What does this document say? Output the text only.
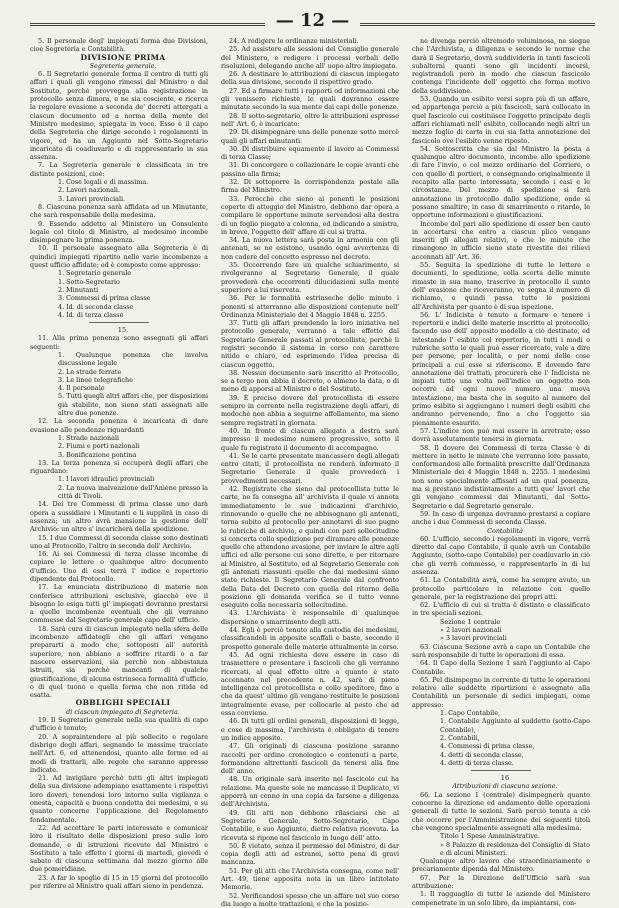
— 12 —

5. Il personale degl' impiegati forma due Divisioni, cioè Segreteria e Contabilità.

DIVISIONE PRIMA

Segreteria generale.

6. Il Segretario generale forma il centro di tutti gli affari i quali gli vengono rimessi dal Ministro o dal Sostituto, perchè provvegga alla registrazione in protocollo senza dimora, e ne sia cosciente, e ricerca la regolare evasione a seconda de' decreti attergati a ciascun documento ed a norma della mente del Ministro medesimo, spiegata in voce. Esso è il capo della Segreteria che dirige secondo i regolamenti in vigore, ed ha un Aggiunto nel Sotto-Segretario incaricato di coadiuvarlo e di rappresentarlo in sua assenza.

7. La Segreteria generale è classificata in tre distinte posizioni, cioè:

1. Cose legali e di massima.

2. Lavori nazionali.

3. Lavori provinciali.

8. Ciascuna ponenza sarà affidata ad un Minutante, che sarà responsabile della medesima.

9. Essendo addetto al Ministero un Consulente legale col titolo di Ministro, al medesimo incombe disimpegnare la prima ponenza.

10. Il personale assegnato alla Segreteria è di quindici impiegati ripartito nelle varie incombenze a quest ufficio affidate; ed è composto come appresso:

1. Segretario generale

1. Sotto-Segretario

2. Minutanti

3. Commessi di prima classe

4. Id. di seconda classe

4. Id. di terza classe

15.

11. Alla prima ponenza sono assegnati gli affari seguenti:

1. Qualunque ponenza che involva discussione legale

2. Le strade ferrate

3. Le linee telegrafiche

4. Il personale

5. Tutti quegli altri affari che, per disposizioni già stabilite, non sieno stati assegnati alle altre due ponenze.

12. La seconda ponenza è incaricata di dare evasione alle pendenze riguardanti

1. Strade nazionali

2. Fiumi e porti nazionali

3. Bonificazione pontina

13. La terza ponenza si occuperà degli affari che riguardano:

1. I lavori idraulici provinciali

2. La nuova inalveazione dell'Aniene presso la città di Tivoli.

14. Dei tre Commessi di prima classe uno darà opera a sussidiare i Minutanti e li supplirà in caso di assenza; un altro avrà mansione la gestione dell' Archivio: un altro s' incaricherà della spedizione.

15. I due Commessi di seconda classe sono destinati uno al Protocollo, l'altro in seconda dell' Archivio.

16. Ai sei Commessi di terza classe incombe di copiare le lettere o qualunque altro documento d'ufficio. Uno di essi terrà l' indice e repertorio dipendente dal Protocollo.

17. La enunciata distribuzione di materie non conferisce attribuzioni esclusive, giacchè ove il bisogno lo esiga tutti gl' impiegati dovranno prestarsi a quelle incombenze eventuali che gli verranno commesse dal Segretario generale capo dell' ufficio.

18. Sarà cura di ciascun impiegato nella sfera delle incombenze affidategli che gli affari vengano prepararti a modo che, sottoposti all' autorità superiore, non abbiano a soffrire ritardi o a far nascere osservazioni, sia perchè non abbastanza istruiti, sia perchè mancanti di qualche giustificazione, di alcuna estrinseca formalità d'ufficio, o di quel tuono e quella forma che non ritida ed esatta.

OBBLIGHI SPECIALI

di ciascun impiegato di Segreteria.

19. Il Segretario generale nella sua qualità di capo d'ufficio è tenuto;

20. A sopraintendere al più sollecito e regolare disbrigo degli affari, segnando le massime tracciate nell'Art. 6, ed attenendosi, quanto alle forme ed ai modi di trattarli, alle regole che saranno appresso indicate.

21. Ad invigilare perchè tutti gli altri impiegati della sua divisione adempiano esattamente i rispettivi loro doveri, tenendosi loro intorno sulla vigilanza e onestà, capacità e buona condotta dei medesimi, e su quanto concerne l'applicazione del Regolamento fondamentale.

22. Ad accettare le parti interessate e comunicar loro il risultato delle disposizioni preso sulle loro domande, e di istruzioni ricevute dal Ministro e Sostituto a tale effetto i giorni di martedì, giovedì e sabato di ciascuna settimana dal mezzo giorno alle due pomeridiane.

23. A far lo spoglio di 15 in 15 giorni del protocollo per riferire al Ministro quali affari sieno in pendenza.

24. A redigere le ordinanze ministeriali.

25. Ad assistere alle sessioni del Consiglio generale del Ministero, e redigere i processi verbali delle risoluzioni, delegando anche all' uopo altro impiegato.

26. A destinare le attribuzioni di ciascun impiegato della sua divisione, secondo il rispettivo grado.

27. Ed a firmare tutti i rapporti od informazioni che gli venissero richieste, le quali dovranno essere minutate secondo la sua mente dai capi delle ponenze.

28. Il sotto-segretario, oltre le attribuzioni espresse nell' Art. 6, è incaricato:

29. Di disimpegnare una delle ponenze sotto mercè quali gli affari minutanti.

30. Di distribuire equamente il lavoro ai Commessi di terza Classe;

31. Di concorgere e collazionare le copie avanti che passino alla firma;

32. Di sottoporre la corrispondenza postale alla firma del Ministro.

33. Perocchè che sieno ai ponenti le posizioni coperte di atteggio del Ministro, debbono dar opera a compilare le opportune minute servendosi alla destra di un foglio piegato a colonna, ed indicando a sinistra, in breve, l'oggetto dell' affare di cui si tratta.

34. La nuova lettera sarà posta in armonia con gli antenati, se ne esistono, usando ogni avvertenza di non cadere del concetto espresso nel decreto.

35. Occorrendo fare un qualche schiarimento, si rivolgeranno al Segretario Generale, il quale provvederà che occorrenti dilucidazioni sulla mente superiore a lui riservata.

36. Per le formalità estrinseche delle minute i ponenti si atterranno alle disposizioni contenute nell' Ordinanza Ministeriale dei 4 Maggio 1848 n. 2255.

37. Tutti gli affari prendendo la loro iniziativa nel protocollo generale, verranno a tale effetto dal Segretario Generale passati al protocollista, perchè li registri secondo il sistema in corso con carattere nitido e chiaro, ed esprimendo l'idea precisa di ciascun oggetto.

38. Nessun documento sarà inscritto al Protocollo, se a tergo non abbia il decreto, o almeno la data, o di meno di apporsi al Ministro o del Sostituto.

39. È preciso dovere del protocollista di essere sempre in corrente nella registrazione degli affari, di modochè non abbia a seguirne affollamento, ma sieno sempre registrati in giornata.

40. In fronte di ciascun allegato a destra sarà impresso il medesimo numero progressivo, sotto il quale fu registrato il documento di accompagno.

41. Se le carte presentate mancassero degli allegati entro citati, il protocollista ne renderà informato il Segretario Generale il quale provvederà i provvedimenti necessari.

42. Registrate che sieno dal protocollista tutte le carte, ne fa consegna all' archivista il quale vi annota immediatamente le sue indicazioni d'archivio, rinnovando o quelle che ne abbisognano gli antenati, torna subito al protocollo per annotarvi di suo pugno le rubriche di archivio, e quindi con pari sollecitudine si concerta collo spedizione per diramare alle ponenze quelle che attendono evasione, per inviare le altre agli uffici ed alle persone cui sono dirette, e per ritornare al Ministro, al Sostituto, ed al Segretario Generale con gli antenati riassunti quelle che dai medesimi siano state richieste. Il Segretario Generale dal confronto della Data del Decreto con quella del ritorno della posizione gli domanda verifica se il tutto venne eseguito colla necessaria sollecitudine.

43. L'Archivista è responsabile di qualunque dispersione o smarrimento degli atti.

44. Egli è perciò tenuto alla custodia dei medesimi, classificandoli in apposite scaffali e baste, secondo il prospetto generale delle materie attualmente in corso.

45. Ad ogni richiesta deve essere in caso di trasmettere o presentare i fascicoli che gli verranno ricercati, al qual effetto oltre a quanto è stato accennato nel precedente n. 42, sarà di pieno intelligenza col protocollista e collo speditore, fino a che da quest' ultimo gli vengano restituite le posizioni integralmente evase, per collocarle al posto che ad essa conviene.

46. Di tutti gli ordini generali, disposizioni di legge, e cose di massima, l'archivista è obbligato di tenere un indice apposito.

47. Gli originali di ciascuna posizione saranno raccolti per ordine cronologico e contenuti a parte, formandone altrettanti fascicoli da tenersi alla fine dell' anno.

48. Un originale sarà inserito nel fascicolo cui ha relazione. Ma queste sole ne mancasse il Duplicato, vi apporrà un cenno in una copia da farsene a diligenza dell'Archivista.

49. Gli atti non debbono rilasciarsi che al Segretario Generale, Sotto-Segretario, Capo Contabile, e suo Aggiunto, dietro relativa ricevuta. La ricevuta si ripone nel fascicolo in luogo dell' atto.

50. È vietato, senza il permesso del Ministro, di dar copia degli atti ad estranei, sotto pena di gravi mancanza.

51. Per gli atti che l'Archivista consegna, come nell' Art. 49, tiene apposita nota in un libro intitolato Memorie.

52. Verificandosi spesso che un affare nel suo corso dia luogo a molte trattazioni, e che la posizio-

ne divenga perciò oltremodo voluminosa, ne siegue che l'Archivista, a diligenza e secondo le norme che darà il Segretario, dovrà suddividerla in tanti fascicoli subalterni quanti sono gli incidenti incorsi, registrandoli però in modo che ciascun fascicolo contenga l'incidente dell' oggetto che forma motivo della suddivisione.

53. Quando un esibito versi sopra più di un affare, ed appartenga perciò a più fascicoli, sarà collocato in quel fascicolo cui costituisce l'oggetto principale degli affari richiamati nell' esibito, collocando negli altri un mezzo foglio di carta in cui sia fatta annotazione del fascicolo ove l'esibito venne riposto.

54. Sottoscritta che sia dal Ministro la posta a qualunque altro documento, incombe allo spedizione di fare l'invio, o col mezzo ordinario del Corriere, o con quello di portieri, o consegnando originalmente il recapito alla parte interessata, secondo i casi e le circostanze. Del mezzo di spedizione si farà annotazione in protocollo dallo spedizione, onde si possano smaltire, in caso di smarrimento o ritardo, le opportune informazioni e giustificazioni.

Incombe del pari allo spedizione di esser ben cauto in accertarsi che entro a ciascun plico vengano inseriti gli allegati relativi, e che le minute che rimangono in ufficio sieno state rivestite dei rilievi accennati all' Art. 36.

55. Seguita la spedizione di tutte le lettere e documenti, lo spedizione, colla scorta delle minute rimaste in sua mano, trascrive in protocollo il sunto dell' evasione che riceveranno, ve segna il numero di richiamo, e quindi passa tutte le posizioni all'Archivista per quanto è di sua ispezione.

56. L' Indicista è tenuto a formare e tenere i repertorii e indici delle materie inscritte al protocollo, facendo uso dell' apposito modello a ciò destinato, ed intestando l' esibito col repertorio, in tutti i modi o rubriche sotto le quali può esser ricercato, vale a dire per persone, per località, e per nomi delle cose principali a cui esse si riferiscono. E dovendo fare annotazione dei trattati, procurerà che l' Indicista ne impiati tutto una volta nell'indice un oggetto non occorre ad ogni nuovo numero una nuova intestazione, ma basta che in seguito al numero del primo esibito si aggiungano i numeri degli esibiti che andranno pervenendo, fino a che l'oggetto sia pienamente esaurito.

57. L'indice non può mai essere in arretrato; esso dovrà assolutamente tenersi in giornata.

58. Il dovere dei Commessi di terza Classe è di mettere in netto le minute che verranno loro passate, conformandosi alle formalità prescritte dall'Ordinanza Ministeriale dei 4 Maggio 1848 n. 2255. I medesimi non sono specialmente affissati ad un qual ponenza, ma si prestano indistintamente a tutti que' lavori che gli vengano commessi dai Minutanti, dal Sotto-Segretario e dal Segretario generale.

59. In caso di urgenza dovranno prestarsi a copiare anche i due Commessi di seconda Classe.

Contabilità

60. L'ufficio, secondo i regolamenti in vigore, verrà diretto dal capo Contabile, il quale avrà un Contabile Aggiunto, (sotto-capo Contabile) per coadiuvarlo in ciò che gli verrà commesso, e rappresentarlo in di lui assenza.

61. La Contabilità avrà, come ha sempre avuto, un protocollo particolare in relazione con quello generale, per la registrazione dei propri atti.

62. L'ufficio di cui si tratta è distinto e classificato in tre speciali sezioni.

Sezione 1 centrale

» 2 lavori nazionali

» 3 lavori provinciali

63. Ciascuna Sezione avrà a capo un Contabile che sarà responsabile di tutte le operazioni di essa.

64. Il Capo della Sezione 1 sarà l'aggiunto al Capo Contabile.

65. Pel disimpegno in corrente di tutte le operazioni relative alle suddette ripartizioni è assegnato alla Contabilità un personale di sedici impiegati, come appresso:

1. Capo Contabile,

1. Contabile Aggiunto al suddetto (sotto-Capo Contabile),

2. Contabili,

4. Commessi di prima classe,

4. detti di seconda classe,

4. detti di terza classe.

16

Attribuzioni di ciascuna sezione.

66. La sezione 1 (centrale) disimpegnerà quanto concerne la direzione ed andamento delle operazioni generali di tutte le sezioni. Sarà perciò tenuta a ciò che occorre per l'Amministrazione dei seguenti titoli che vengono specialmente assegnati alla medesima.

Titolo 1 Spese Amministrative.

» 8 Palazzo di residenza del Consiglio di Stato e di alcuni Ministeri.

Qualunque altro lavoro che straordinariamente e precariamente dipenda dal Ministero.

67. Per la Direzione dell'Ufficio sarà sua attribuzione:

1. Il ragguaglio di tutte le aziende del Ministero compenetrate in un solo libro, da impiantarsi, con-
